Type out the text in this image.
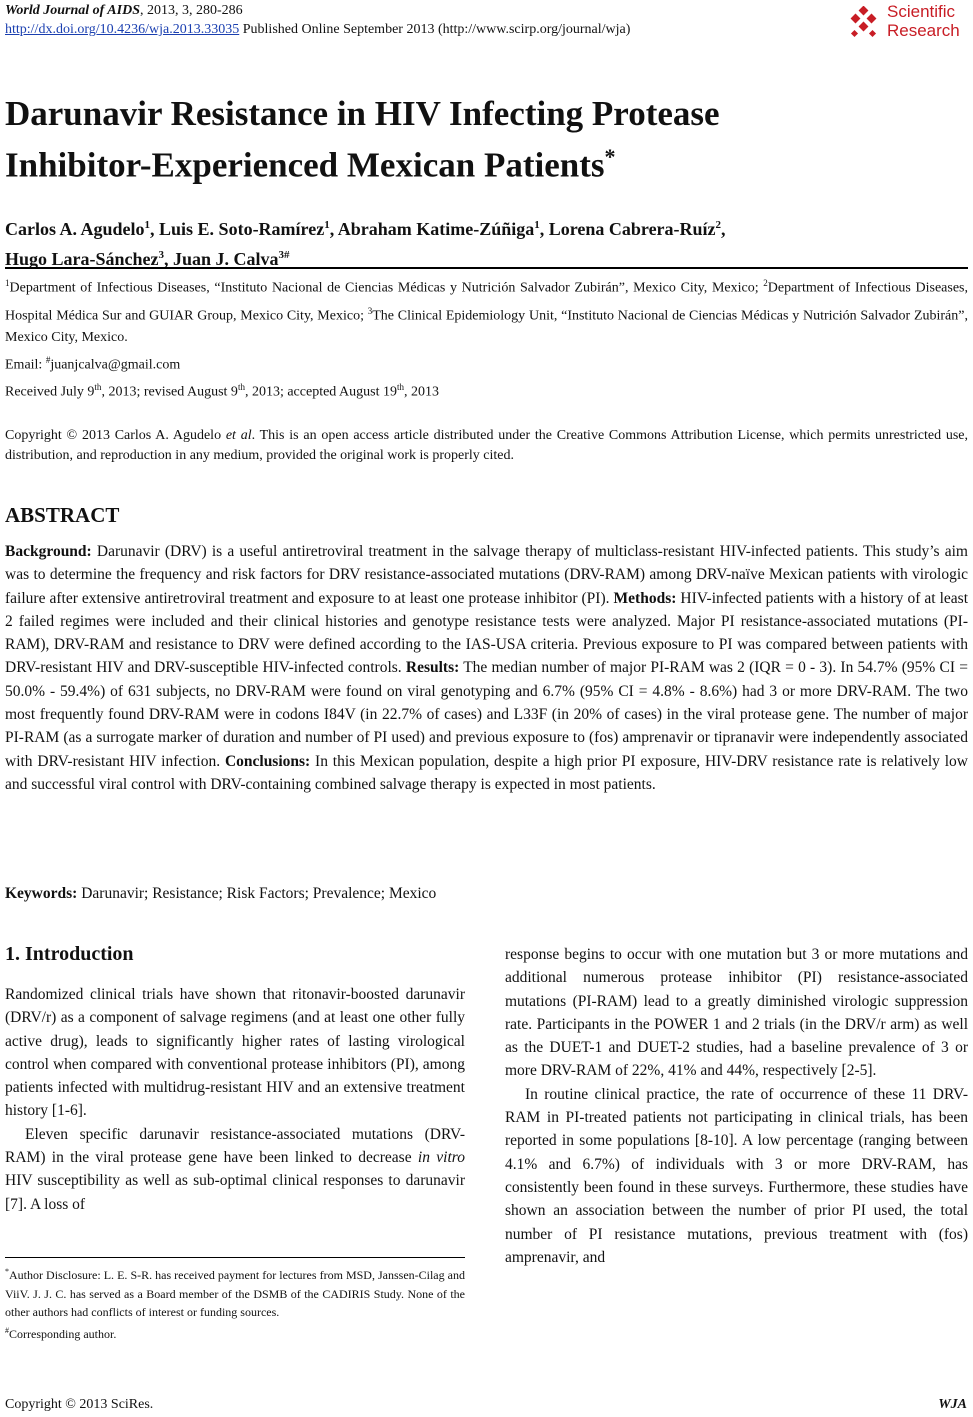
World Journal of AIDS, 2013, 3, 280-286
http://dx.doi.org/10.4236/wja.2013.33035 Published Online September 2013 (http://www.scirp.org/journal/wja)
Scientific
Research
Darunavir Resistance in HIV Infecting Protease
Inhibitor-Experienced Mexican Patients*
Carlos A. Agudelo$^1$, Luis E. Soto-Ramírez$^1$, Abraham Katime-Zúñiga$^1$, Lorena Cabrera-Ruíz$^2$,
Hugo Lara-Sánchez$^3$, Juan J. Calva$^{3\#}$
$^1$Department of Infectious Diseases, “Instituto Nacional de Ciencias Médicas y Nutrición Salvador Zubirán”, Mexico City, Mexico; $^2$Department of Infectious Diseases, Hospital Médica Sur and GUIAR Group, Mexico City, Mexico; $^3$The Clinical Epidemiology Unit, “Instituto Nacional de Ciencias Médicas y Nutrición Salvador Zubirán”, Mexico City, Mexico.
Email: #juanjcalva@gmail.com
Received July 9th, 2013; revised August 9th, 2013; accepted August 19th, 2013
Copyright © 2013 Carlos A. Agudelo et al. This is an open access article distributed under the Creative Commons Attribution License, which permits unrestricted use, distribution, and reproduction in any medium, provided the original work is properly cited.
ABSTRACT
Background: Darunavir (DRV) is a useful antiretroviral treatment in the salvage therapy of multiclass-resistant HIV-infected patients. This study’s aim was to determine the frequency and risk factors for DRV resistance-associated mutations (DRV-RAM) among DRV-naïve Mexican patients with virologic failure after extensive antiretroviral treatment and exposure to at least one protease inhibitor (PI). Methods: HIV-infected patients with a history of at least 2 failed regimes were included and their clinical histories and genotype resistance tests were analyzed. Major PI resistance-associated mutations (PI-RAM), DRV-RAM and resistance to DRV were defined according to the IAS-USA criteria. Previous exposure to PI was compared between patients with DRV-resistant HIV and DRV-susceptible HIV-infected controls. Results: The median number of major PI-RAM was 2 (IQR = 0 - 3). In 54.7% (95% CI = 50.0% - 59.4%) of 631 subjects, no DRV-RAM were found on viral genotyping and 6.7% (95% CI = 4.8% - 8.6%) had 3 or more DRV-RAM. The two most frequently found DRV-RAM were in codons I84V (in 22.7% of cases) and L33F (in 20% of cases) in the viral protease gene. The number of major PI-RAM (as a surrogate marker of duration and number of PI used) and previous exposure to (fos) amprenavir or tipranavir were independently associated with DRV-resistant HIV infection. Conclusions: In this Mexican population, despite a high prior PI exposure, HIV-DRV resistance rate is relatively low and successful viral control with DRV-containing combined salvage therapy is expected in most patients.
Keywords: Darunavir; Resistance; Risk Factors; Prevalence; Mexico
1. Introduction

Randomized clinical trials have shown that ritonavir-boosted darunavir (DRV/r) as a component of salvage regimens (and at least one other fully active drug), leads to significantly higher rates of lasting virological control when compared with conventional protease inhibitors (PI), among patients infected with multidrug-resistant HIV and an extensive treatment history [1-6].

Eleven specific darunavir resistance-associated mutations (DRV-RAM) in the viral protease gene have been linked to decrease in vitro HIV susceptibility as well as sub-optimal clinical responses to darunavir [7]. A loss of

response begins to occur with one mutation but 3 or more mutations and additional numerous protease inhibitor (PI) resistance-associated mutations (PI-RAM) lead to a greatly diminished virologic suppression rate. Participants in the POWER 1 and 2 trials (in the DRV/r arm) as well as the DUET-1 and DUET-2 studies, had a baseline prevalence of 3 or more DRV-RAM of 22%, 41% and 44%, respectively [2-5].

In routine clinical practice, the rate of occurrence of these 11 DRV-RAM in PI-treated patients not participating in clinical trials, has been reported in some populations [8-10]. A low percentage (ranging between 4.1% and 6.7%) of individuals with 3 or more DRV-RAM, has consistently been found in these surveys. Furthermore, these studies have shown an association between the number of prior PI used, the total number of PI resistance mutations, previous treatment with (fos) amprenavir, and

*Author Disclosure: L. E. S-R. has received payment for lectures from MSD, Janssen-Cilag and ViiV. J. J. C. has served as a Board member of the DSMB of the CADIRIS Study. None of the other authors had conflicts of interest or funding sources.

#Corresponding author.

Copyright © 2013 SciRes.	WJA
